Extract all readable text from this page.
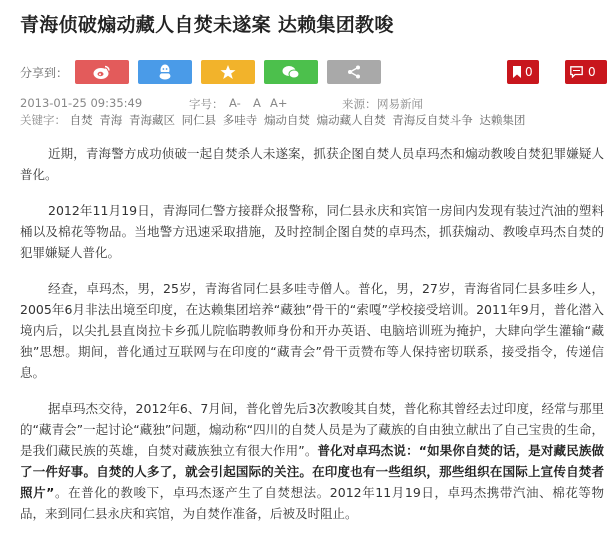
青海侦破煽动藏人自焚未遂案 达赖集团教唆
分享到：	0	0
2013-01-25 09:35:49	字号： A- A A+	来源： 网易新闻
关键字： 自焚 青海 青海藏区 同仁县 多哇寺 煽动自焚 煽动藏人自焚 青海反自焚斗争 达赖集团

近期，青海警方成功侦破一起自焚杀人未遂案，抓获企图自焚人员卓玛杰和煽动教唆自焚犯罪嫌疑人普化。

2012年11月19日，青海同仁警方接群众报警称，同仁县永庆和宾馆一房间内发现有装过汽油的塑料桶以及棉花等物品。当地警方迅速采取措施，及时控制企图自焚的卓玛杰，抓获煽动、教唆卓玛杰自焚的犯罪嫌疑人普化。

经查，卓玛杰，男，25岁，青海省同仁县多哇寺僧人。普化，男，27岁，青海省同仁县多哇乡人，2005年6月非法出境至印度，在达赖集团培养“藏独”骨干的“索嘎”学校接受培训。2011年9月，普化潜入境内后，以尖扎县直岗拉卡乡孤儿院临聘教师身份和开办英语、电脑培训班为掩护，大肆向学生灌输“藏独”思想。期间，普化通过互联网与在印度的“藏青会”骨干贡赞布等人保持密切联系，接受指令，传递信息。

据卓玛杰交待，2012年6、7月间，普化曾先后3次教唆其自焚，普化称其曾经去过印度，经常与那里的“藏青会”一起讨论“藏独”问题，煽动称“四川的自焚人员是为了藏族的自由独立献出了自己宝贵的生命，是我们藏民族的英雄，自焚对藏族独立有很大作用”。普化对卓玛杰说：“如果你自焚的话，是对藏民族做了一件好事。自焚的人多了，就会引起国际的关注。在印度也有一些组织，那些组织在国际上宣传自焚者照片”。在普化的教唆下，卓玛杰逐产生了自焚想法。2012年11月19日，卓玛杰携带汽油、棉花等物品，来到同仁县永庆和宾馆，为自焚作准备，后被及时阻止。
